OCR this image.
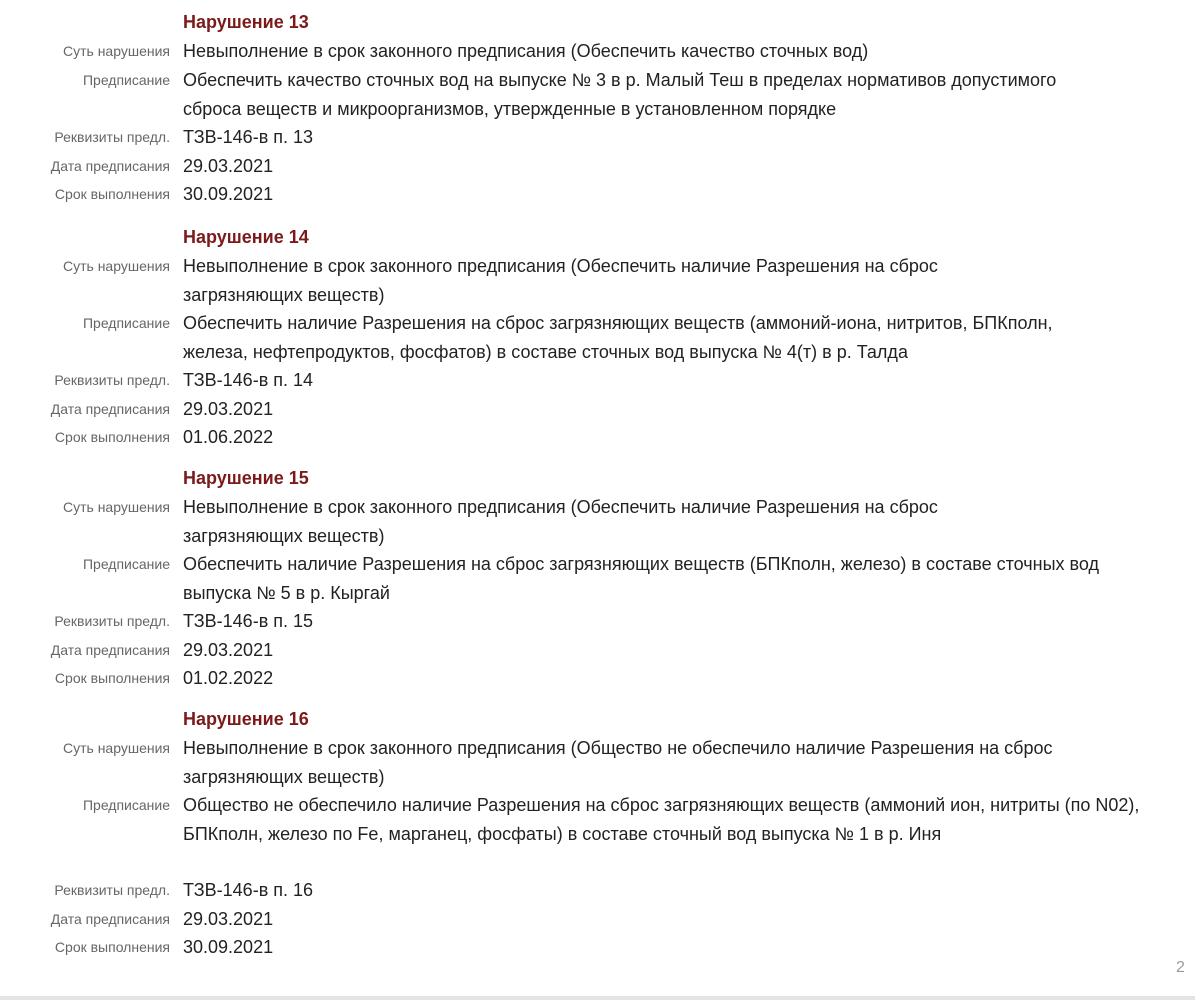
Нарушение 13
Суть нарушения Невыполнение в срок законного предписания (Обеспечить качество сточных вод)
Предписание Обеспечить качество сточных вод на выпуске № 3 в р. Малый Теш в пределах нормативов допустимого сброса веществ и микроорганизмов, утвержденные в установленном порядке
Реквизиты предл. ТЗВ-146-в п. 13
Дата предписания 29.03.2021
Срок выполнения 30.09.2021
Нарушение 14
Суть нарушения Невыполнение в срок законного предписания (Обеспечить наличие Разрешения на сброс загрязняющих веществ)
Предписание Обеспечить наличие Разрешения на сброс загрязняющих веществ (аммоний-иона, нитритов, БПКполн, железа, нефтепродуктов, фосфатов) в составе сточных вод выпуска № 4(т) в р. Талда
Реквизиты предл. ТЗВ-146-в п. 14
Дата предписания 29.03.2021
Срок выполнения 01.06.2022
Нарушение 15
Суть нарушения Невыполнение в срок законного предписания (Обеспечить наличие Разрешения на сброс загрязняющих веществ)
Предписание Обеспечить наличие Разрешения на сброс загрязняющих веществ (БПКполн, железо) в составе сточных вод выпуска № 5 в р. Кыргай
Реквизиты предл. ТЗВ-146-в п. 15
Дата предписания 29.03.2021
Срок выполнения 01.02.2022
Нарушение 16
Суть нарушения Невыполнение в срок законного предписания (Общество не обеспечило наличие Разрешения на сброс загрязняющих веществ)
Предписание Общество не обеспечило наличие Разрешения на сброс загрязняющих веществ (аммоний ион, нитриты (по N02), БПКполн, железо по Fe, марганец, фосфаты) в составе сточный вод выпуска № 1 в р. Иня
Реквизиты предл. ТЗВ-146-в п. 16
Дата предписания 29.03.2021
Срок выполнения 30.09.2021
2
